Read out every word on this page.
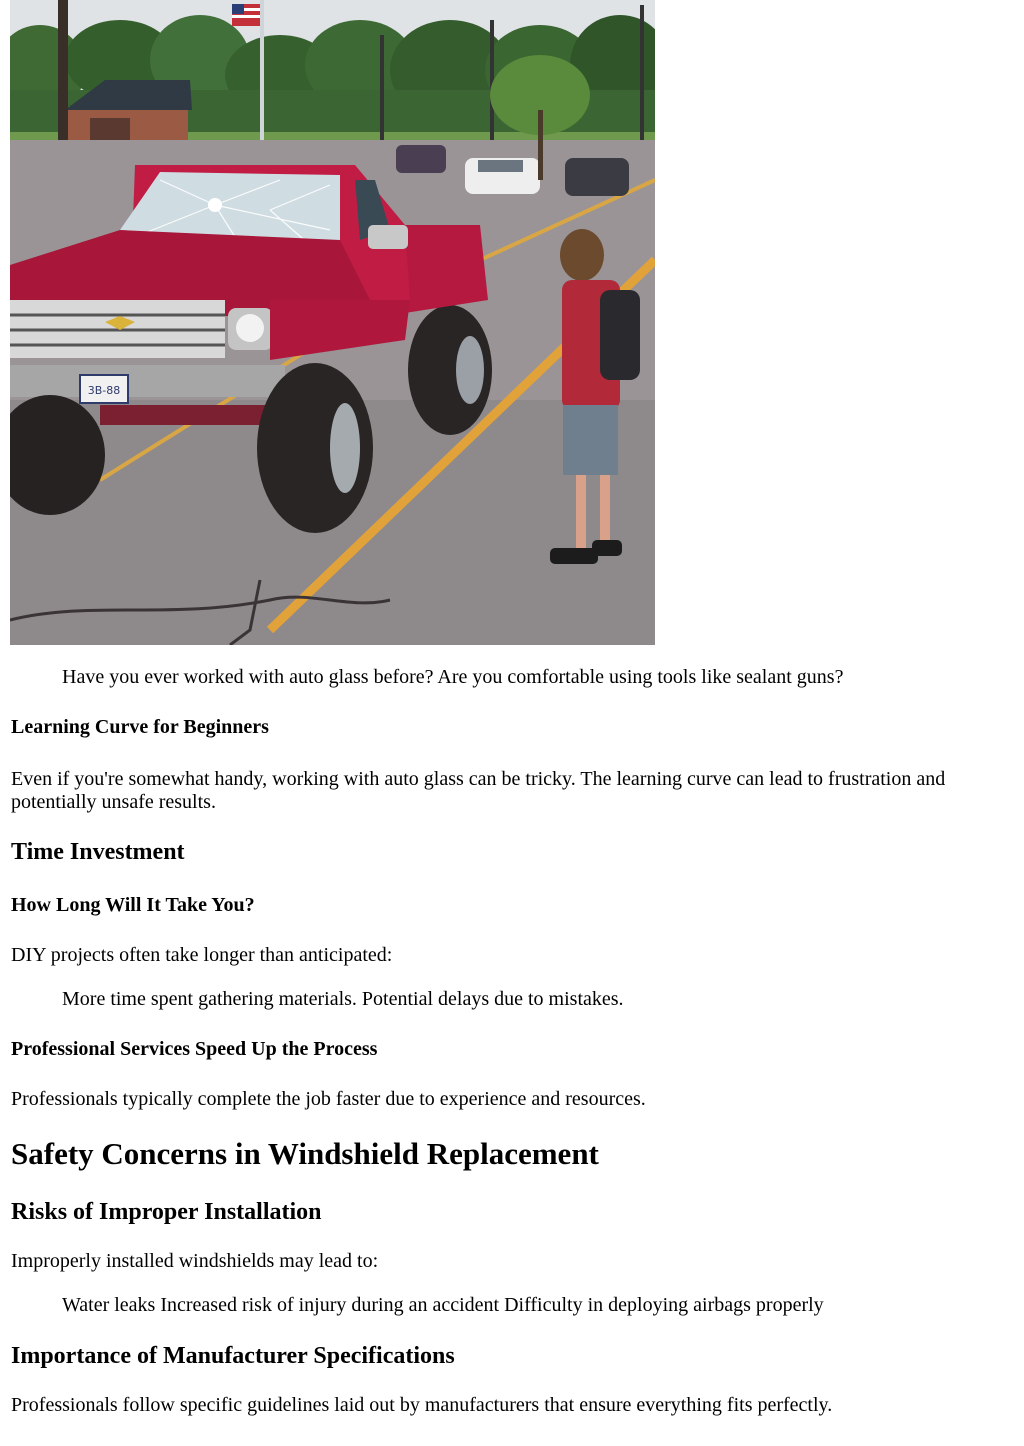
3B-88

Have you ever worked with auto glass before? Are you comfortable using tools like sealant guns?

Learning Curve for Beginners

Even if you're somewhat handy, working with auto glass can be tricky. The learning curve can lead to frustration and potentially unsafe results.

Time Investment

How Long Will It Take You?

DIY projects often take longer than anticipated:

More time spent gathering materials. Potential delays due to mistakes.

Professional Services Speed Up the Process

Professionals typically complete the job faster due to experience and resources.

Safety Concerns in Windshield Replacement

Risks of Improper Installation

Improperly installed windshields may lead to:

Water leaks Increased risk of injury during an accident Difficulty in deploying airbags properly

Importance of Manufacturer Specifications

Professionals follow specific guidelines laid out by manufacturers that ensure everything fits perfectly.
